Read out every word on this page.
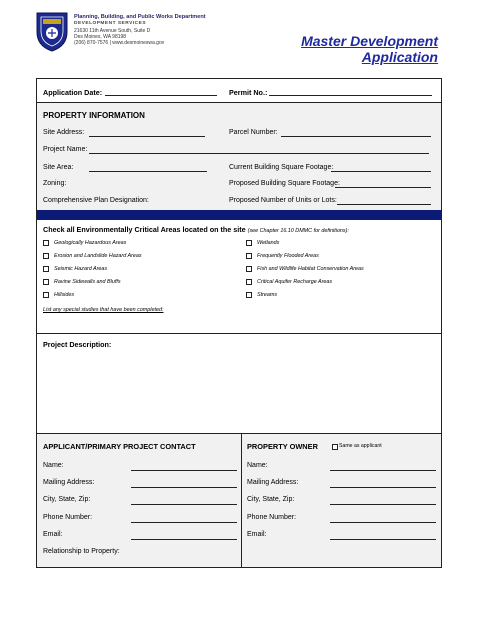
Planning, Building, and Public Works Department
DEVELOPMENT SERVICES
21630 11th Avenue South, Suite D
Des Moines, WA 98198
(206) 870-7576 | www.desmoineswa.gov	Master Development Application
Application Date:	Permit No.:
PROPERTY INFORMATION
Site Address:	Parcel Number:
Project Name:
Site Area:	Current Building Square Footage:
Zoning:	Proposed Building Square Footage:
Comprehensive Plan Designation:	Proposed Number of Units or Lots:
Check all Environmentally Critical Areas located on the site (see Chapter 16.10 DMMC for definitions):
Geologically Hazardous Areas
Erosion and Landslide Hazard Areas
Seismic Hazard Areas
Ravine Sidewalls and Bluffs
Hillsides
Wetlands
Frequently Flooded Areas
Fish and Wildlife Habitat Conservation Areas
Critical Aquifer Recharge Areas
Streams
List any special studies that have been completed:
Project Description:
APPLICANT/PRIMARY PROJECT CONTACT
Name:
Mailing Address:
City, State, Zip:
Phone Number:
Email:
Relationship to Property:
PROPERTY OWNER	Same as applicant
Name:
Mailing Address:
City, State, Zip:
Phone Number:
Email:
